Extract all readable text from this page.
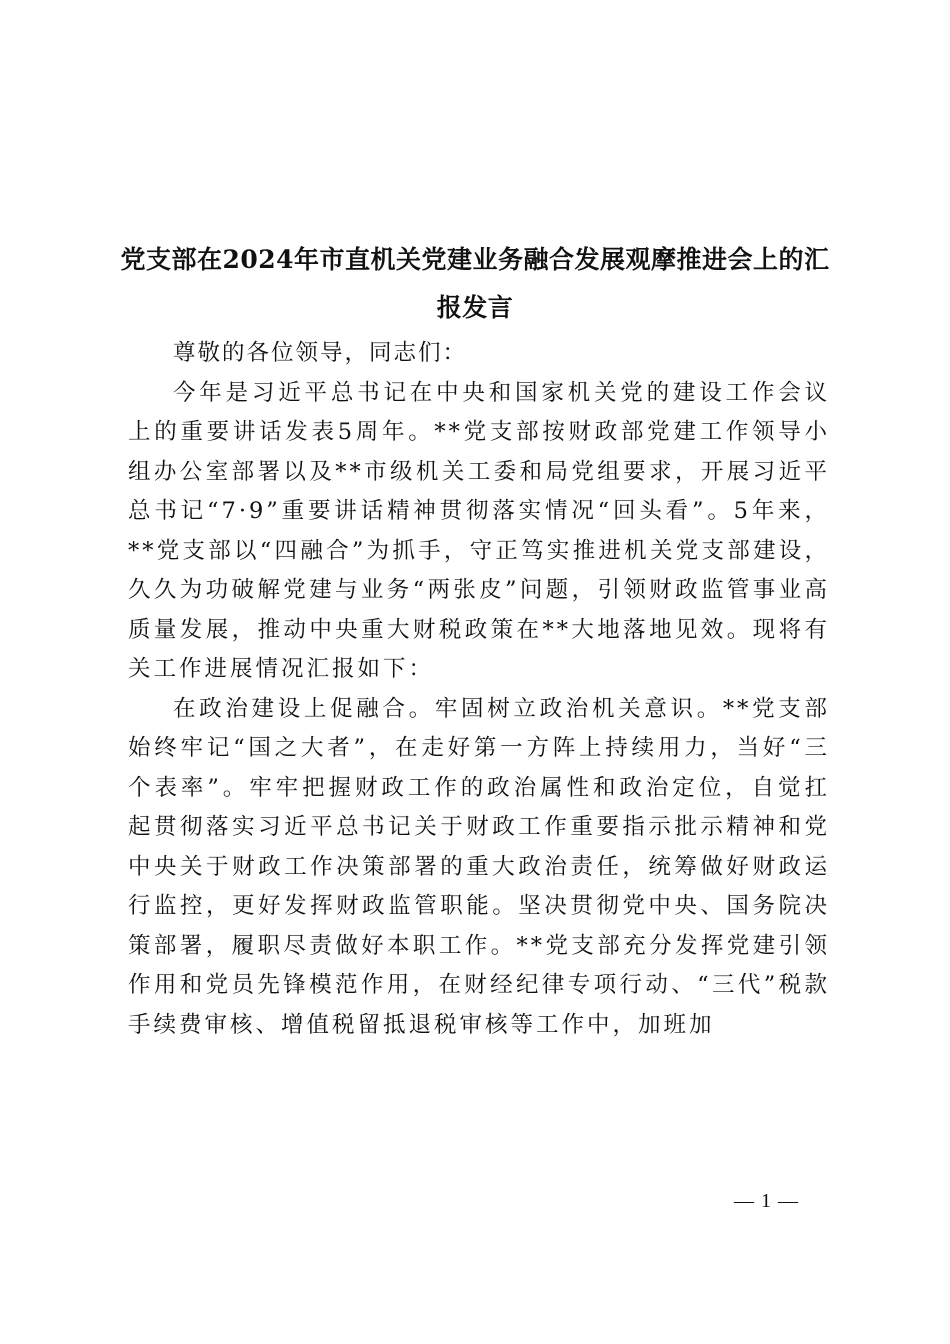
党支部在2024年市直机关党建业务融合发展观摩推进会上的汇报发言

尊敬的各位领导，同志们：

今年是习近平总书记在中央和国家机关党的建设工作会议上的重要讲话发表5周年。**党支部按财政部党建工作领导小组办公室部署以及**市级机关工委和局党组要求，开展习近平总书记“7·9”重要讲话精神贯彻落实情况“回头看”。5年来，**党支部以“四融合”为抓手，守正笃实推进机关党支部建设，久久为功破解党建与业务“两张皮”问题，引领财政监管事业高质量发展，推动中央重大财税政策在**大地落地见效。现将有关工作进展情况汇报如下：

在政治建设上促融合。牢固树立政治机关意识。**党支部始终牢记“国之大者”，在走好第一方阵上持续用力，当好“三个表率”。牢牢把握财政工作的政治属性和政治定位，自觉扛起贯彻落实习近平总书记关于财政工作重要指示批示精神和党中央关于财政工作决策部署的重大政治责任，统筹做好财政运行监控，更好发挥财政监管职能。坚决贯彻党中央、国务院决策部署，履职尽责做好本职工作。**党支部充分发挥党建引领作用和党员先锋模范作用，在财经纪律专项行动、“三代”税款手续费审核、增值税留抵退税审核等工作中，加班加

— 1 —
